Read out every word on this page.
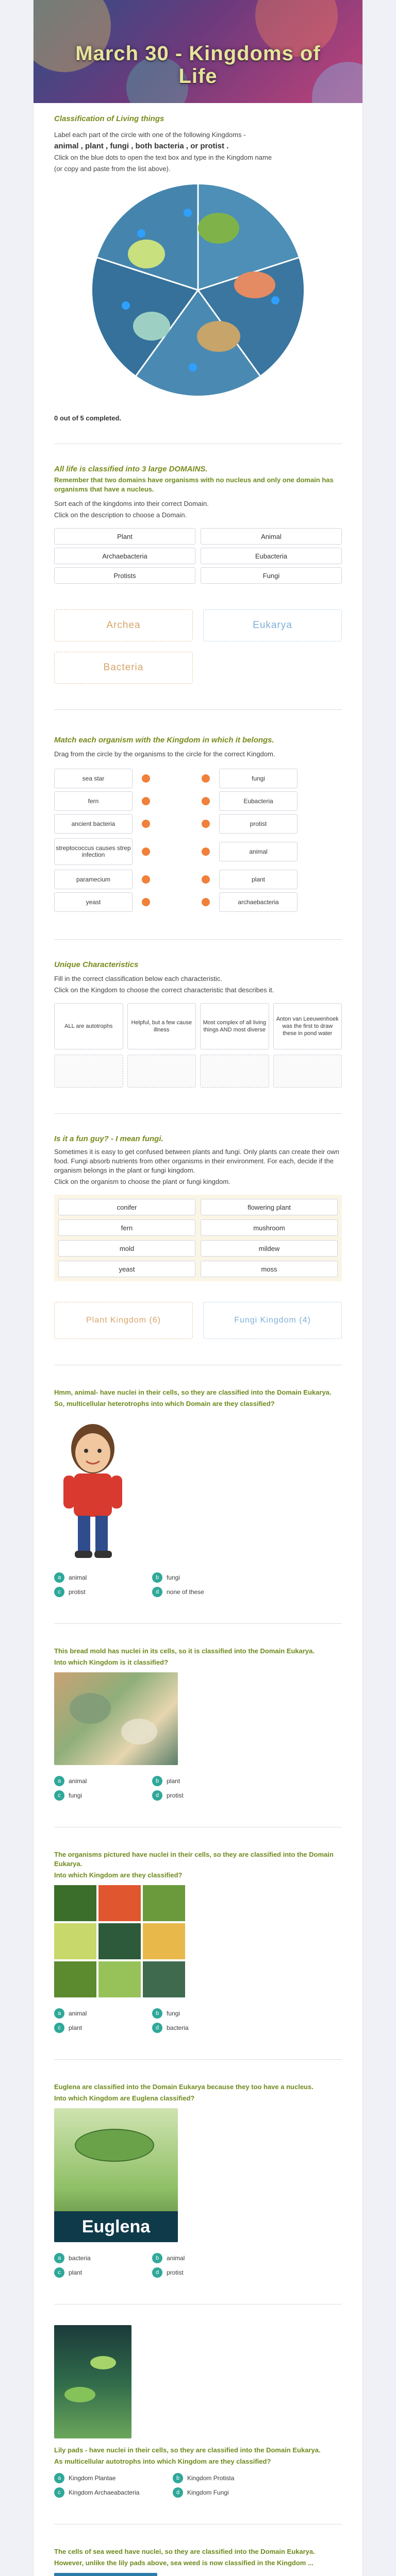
March 30 - Kingdoms of
Life

Classification of Living things

Label each part of the circle with one of the following Kingdoms -

animal , plant , fungi , both bacteria , or protist .

Click on the blue dots to open the text box and type in the Kingdom name

(or copy and paste from the list above).

0 out of 5 completed.

All life is classified into 3 large DOMAINS.

Remember that two domains have organisms with no nucleus and only one domain has organisms that have a nucleus.

Sort each of the kingdoms into their correct Domain.

Click on the description to choose a Domain.

Plant	Animal
Archaebacteria	Eubacteria
Protists	Fungi
Archea	Eukarya
Bacteria

Match each organism with the Kingdom in which it belongs.

Drag from the circle by the organisms to the circle for the correct Kingdom.

sea star	fungi
fern	Eubacteria
ancient bacteria	protist
streptococcus causes strep infection	animal
paramecium	plant
yeast	archaebacteria

Unique Characteristics

Fill in the correct classification below each characteristic.

Click on the Kingdom to choose the correct characteristic that describes it.

ALL are autotrophs
Helpful, but a few cause illness
Most complex of all living things AND most diverse
Anton van Leeuwenhoek was the first to draw these in pond water

Is it a fun guy? - I mean fungi.

Sometimes it is easy to get confused between plants and fungi. Only plants can create their own food. Fungi absorb nutrients from other organisms in their environment. For each, decide if the organism belongs in the plant or fungi kingdom.

Click on the organism to choose the plant or fungi kingdom.

conifer	flowering plant
fern	mushroom
mold	mildew
yeast	moss
Plant Kingdom (6)	Fungi Kingdom (4)

Hmm, animal- have nuclei in their cells, so they are classified into the Domain Eukarya.

So, multicellular heterotrophs into which Domain are they classified?

a	animal	b	fungi
c	protist	d	none of these

This bread mold has nuclei in its cells, so it is classified into the Domain Eukarya.

Into which Kingdom is it classified?

a	animal	b	plant
c	fungi	d	protist

The organisms pictured have nuclei in their cells, so they are classified into the Domain Eukarya.

Into which Kingdom are they classified?

a	animal	b	fungi
c	plant	d	bacteria

Euglena are classified into the Domain Eukarya because they too have a nucleus.

Into which Kingdom are Euglena classified?

Euglena
a	bacteria	b	animal
c	plant	d	protist

Lily pads - have nuclei in their cells, so they are classified into the Domain Eukarya.

As multicellular autotrophs into which Kingdom are they classified?

a	Kingdom Plantae	b	Kingdom Protista
c	Kingdom Archaeabacteria	d	Kingdom Fungi

The cells of sea weed have nuclei, so they are classified into the Domain Eukarya.

However, unlike the lily pads above, sea weed is now classified in the Kingdom ...
